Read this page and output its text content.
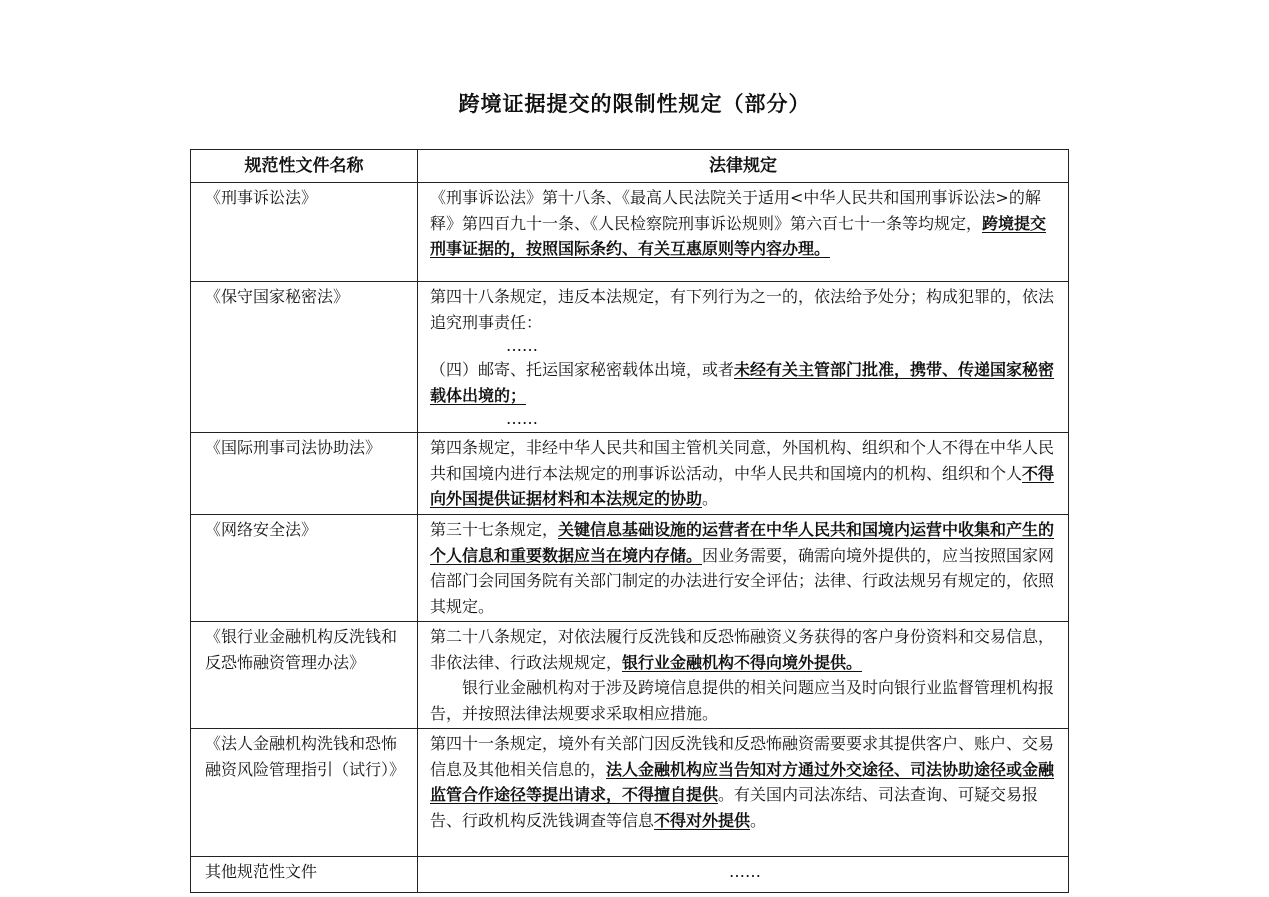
跨境证据提交的限制性规定（部分）
规范性文件名称	法律规定
《刑事诉讼法》	《刑事诉讼法》第十八条、《最高人民法院关于适用<中华人民共和国刑事诉讼法>的解释》第四百九十一条、《人民检察院刑事诉讼规则》第六百七十一条等均规定，跨境提交刑事证据的，按照国际条约、有关互惠原则等内容办理。
《保守国家秘密法》	第四十八条规定，违反本法规定，有下列行为之一的，依法给予处分；构成犯罪的，依法追究刑事责任：

……

（四）邮寄、托运国家秘密载体出境，或者未经有关主管部门批准，携带、传递国家秘密载体出境的；

……

《国际刑事司法协助法》	第四条规定，非经中华人民共和国主管机关同意，外国机构、组织和个人不得在中华人民共和国境内进行本法规定的刑事诉讼活动，中华人民共和国境内的机构、组织和个人不得向外国提供证据材料和本法规定的协助。
《网络安全法》	第三十七条规定，关键信息基础设施的运营者在中华人民共和国境内运营中收集和产生的个人信息和重要数据应当在境内存储。因业务需要，确需向境外提供的，应当按照国家网信部门会同国务院有关部门制定的办法进行安全评估；法律、行政法规另有规定的，依照其规定。
《银行业金融机构反洗钱和反恐怖融资管理办法》	第二十八条规定，对依法履行反洗钱和反恐怖融资义务获得的客户身份资料和交易信息，非依法律、行政法规规定，银行业金融机构不得向境外提供。

银行业金融机构对于涉及跨境信息提供的相关问题应当及时向银行业监督管理机构报告，并按照法律法规要求采取相应措施。

《法人金融机构洗钱和恐怖融资风险管理指引（试行）》	第四十一条规定，境外有关部门因反洗钱和反恐怖融资需要要求其提供客户、账户、交易信息及其他相关信息的，法人金融机构应当告知对方通过外交途径、司法协助途径或金融监管合作途径等提出请求，不得擅自提供。有关国内司法冻结、司法查询、可疑交易报告、行政机构反洗钱调查等信息不得对外提供。
其他规范性文件	……
